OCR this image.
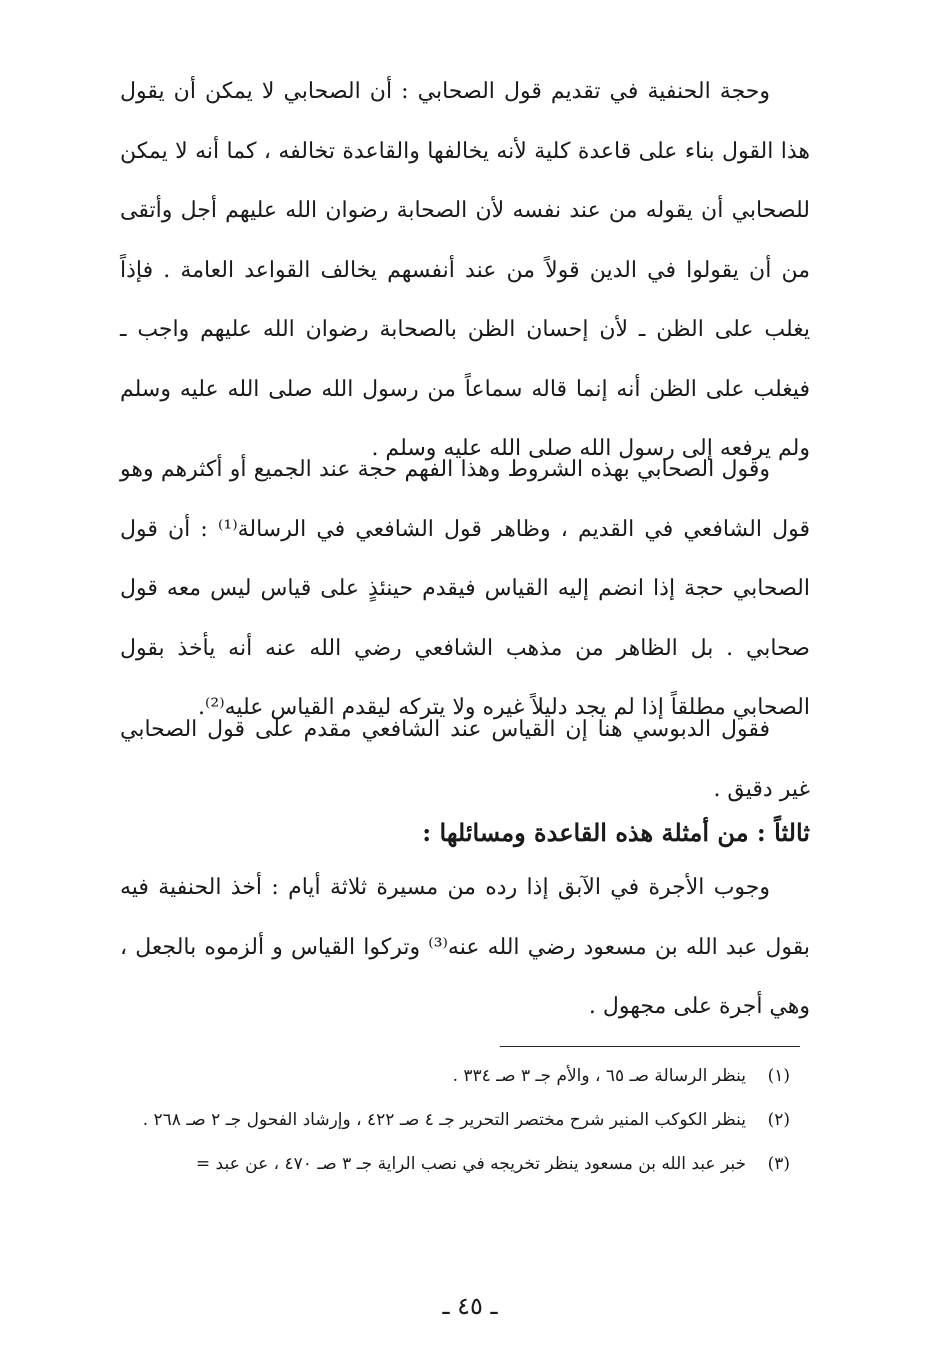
وحجة الحنفية في تقديم قول الصحابي : أن الصحابي لا يمكن أن يقول هذا القول بناء على قاعدة كلية لأنه يخالفها والقاعدة تخالفه ، كما أنه لا يمكن للصحابي أن يقوله من عند نفسه لأن الصحابة رضوان الله عليهم أجل وأتقى من أن يقولوا في الدين قولاً من عند أنفسهم يخالف القواعد العامة . فإذاً يغلب على الظن ـ لأن إحسان الظن بالصحابة رضوان الله عليهم واجب ـ فيغلب على الظن أنه إنما قاله سماعاً من رسول الله صلى الله عليه وسلم ولم يرفعه إلى رسول الله صلى الله عليه وسلم .

وقول الصحابي بهذه الشروط وهذا الفهم حجة عند الجميع أو أكثرهم وهو قول الشافعي في القديم ، وظاهر قول الشافعي في الرسالة⁽¹⁾ : أن قول الصحابي حجة إذا انضم إليه القياس فيقدم حينئذٍ على قياس ليس معه قول صحابي . بل الظاهر من مذهب الشافعي رضي الله عنه أنه يأخذ بقول الصحابي مطلقاً إذا لم يجد دليلاً غيره ولا يتركه ليقدم القياس عليه⁽²⁾.

فقول الدبوسي هنا إن القياس عند الشافعي مقدم على قول الصحابي غير دقيق .

ثالثاً : من أمثلة هذه القاعدة ومسائلها :

وجوب الأجرة في الآبق إذا رده من مسيرة ثلاثة أيام : أخذ الحنفية فيه بقول عبد الله بن مسعود رضي الله عنه⁽³⁾ وتركوا القياس و ألزموه بالجعل ، وهي أجرة على مجهول .

(١)
ينظر الرسالة صـ ٦٥ ، والأم جـ ٣ صـ ٣٣٤ .
(٢)
ينظر الكوكب المنير شرح مختصر التحرير جـ ٤ صـ ٤٢٢ ، وإرشاد الفحول جـ ٢ صـ ٢٦٨ .
(٣)
خبر عبد الله بن مسعود ينظر تخريجه في نصب الراية جـ ٣ صـ ٤٧٠ ، عن عبد =
ـ ٤٥ ـ
